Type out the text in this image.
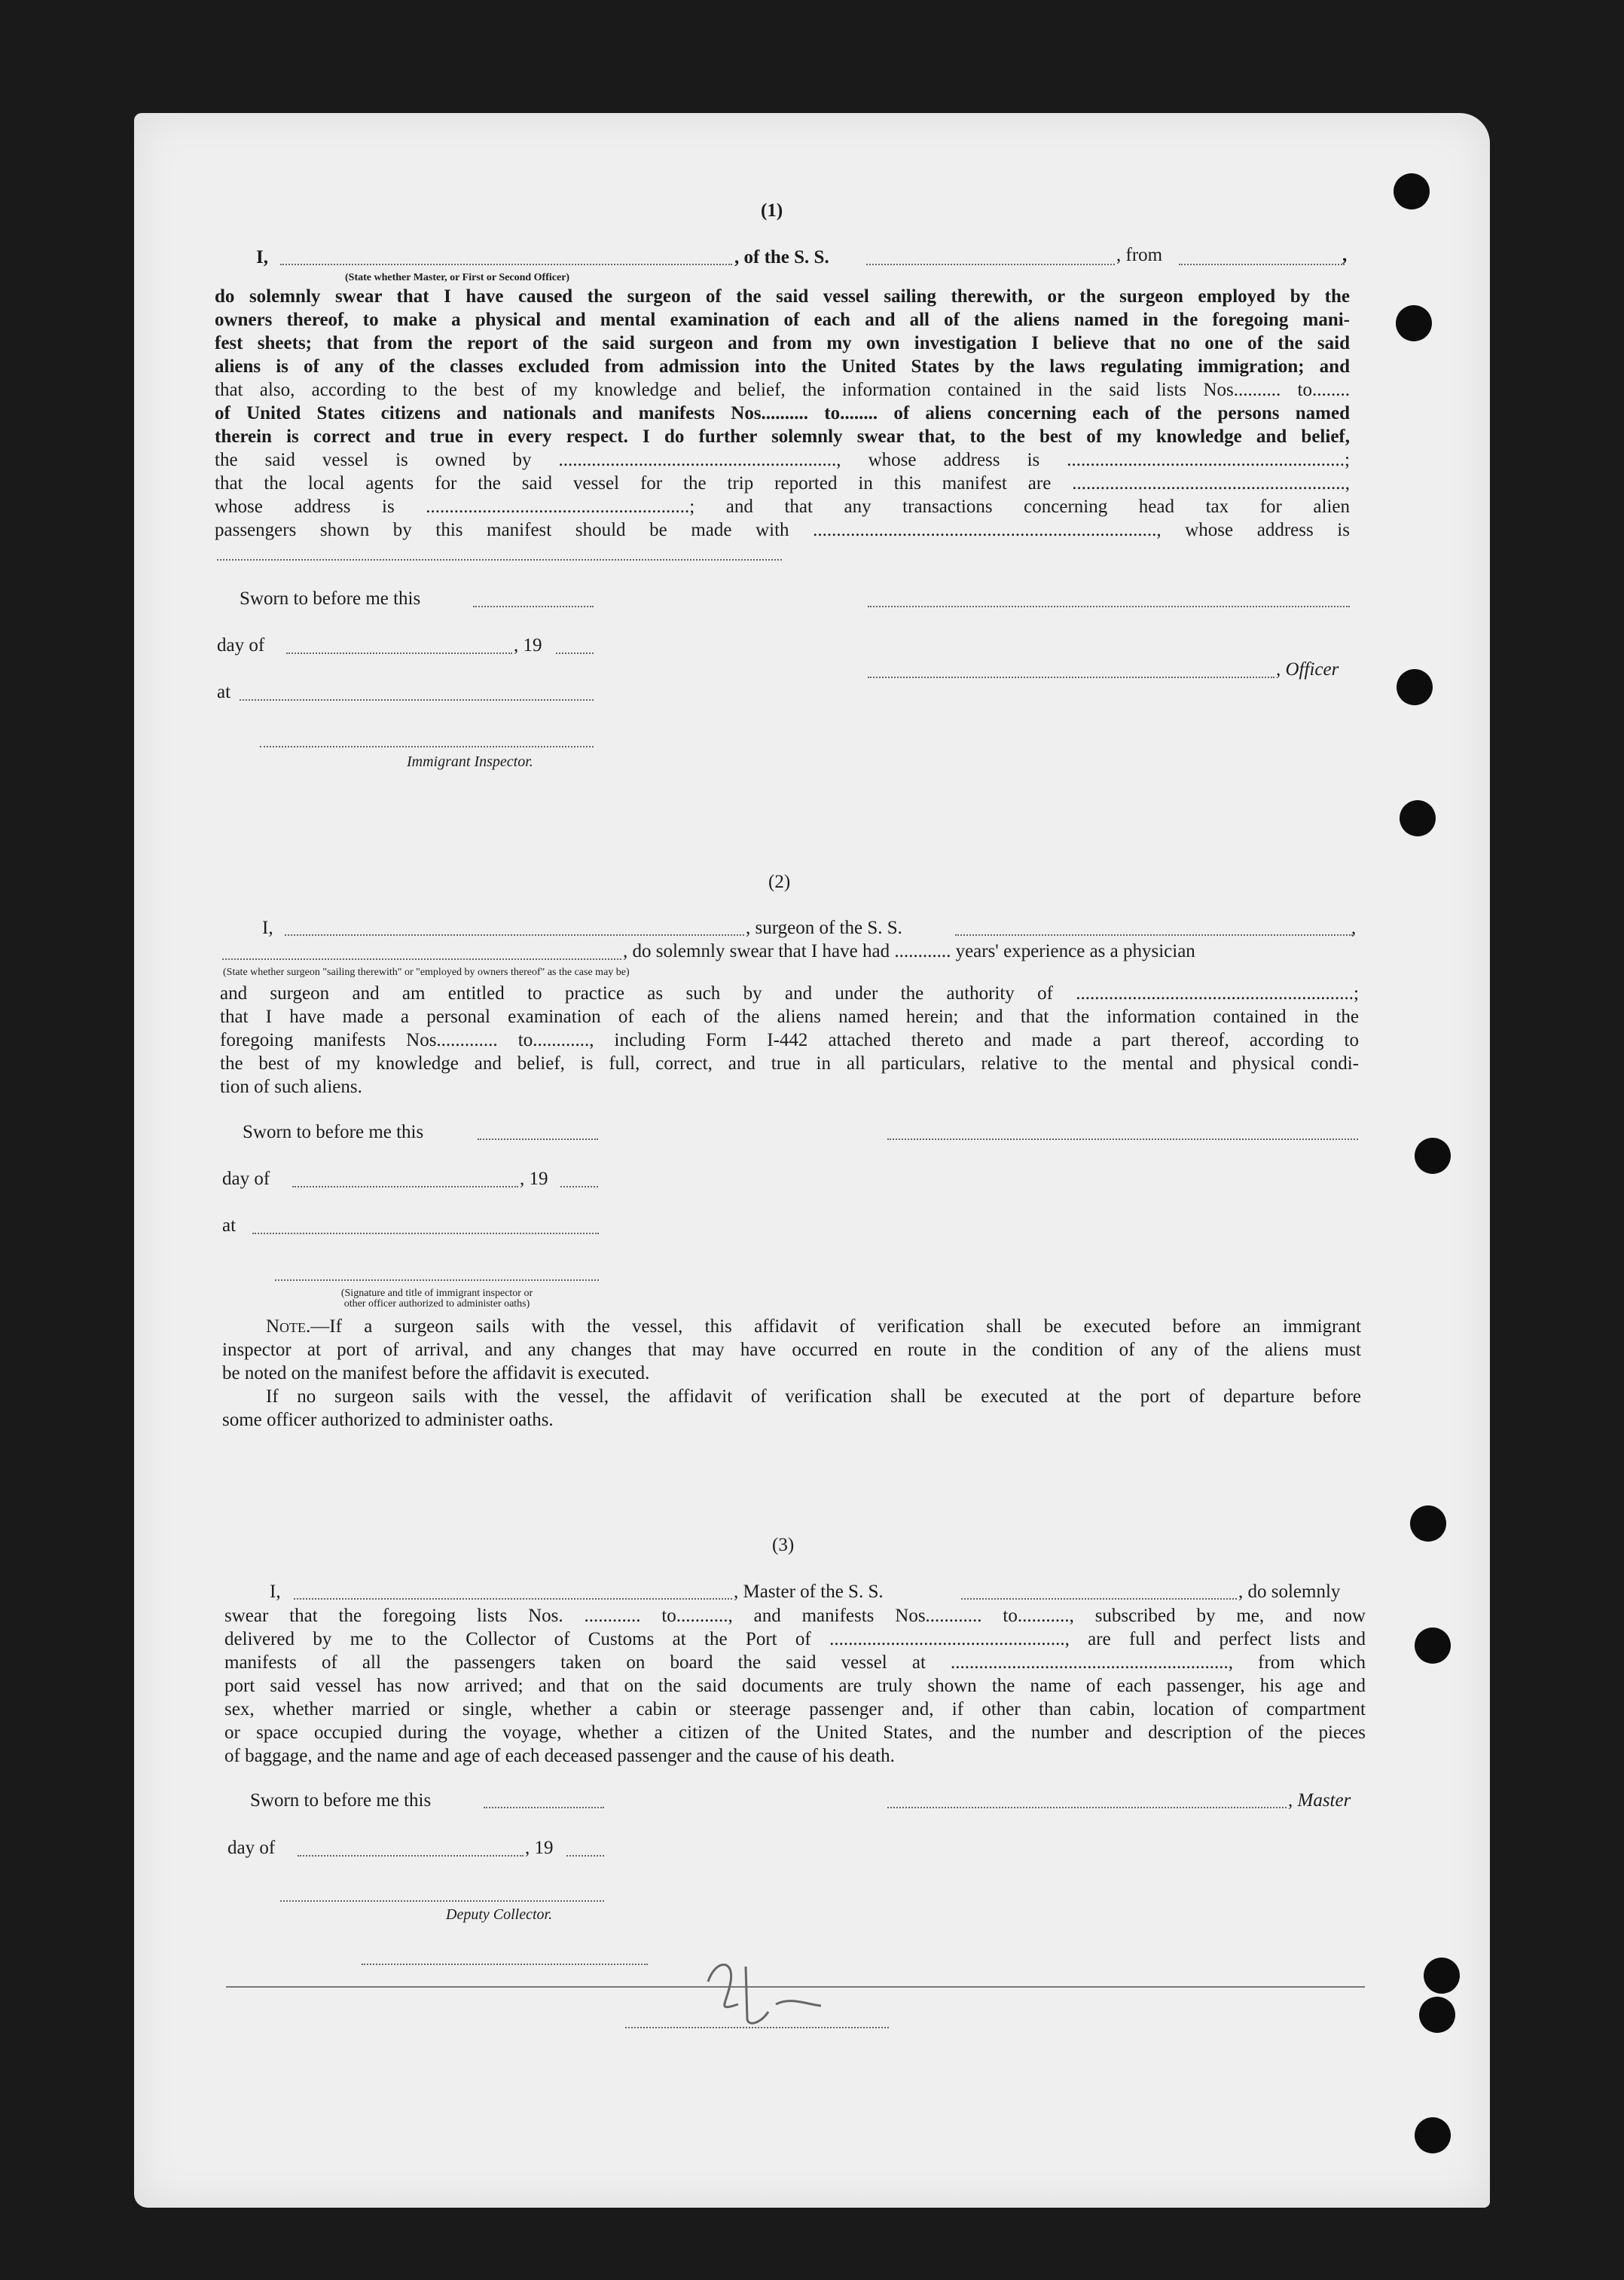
(1)
I,	, of the S. S.	, from	,
(State whether Master, or First or Second Officer)
do solemnly swear that I have caused the surgeon of the said vessel sailing therewith, or the surgeon employed by the
owners thereof, to make a physical and mental examination of each and all of the aliens named in the foregoing mani-
fest sheets; that from the report of the said surgeon and from my own investigation I believe that no one of the said
aliens is of any of the classes excluded from admission into the United States by the laws regulating immigration; and
that also, according to the best of my knowledge and belief, the information contained in the said lists Nos.......... to........
of United States citizens and nationals and manifests Nos.......... to........ of aliens concerning each of the persons named
therein is correct and true in every respect. I do further solemnly swear that, to the best of my knowledge and belief,
the said vessel is owned by ..........................................................., whose address is ...........................................................;
that the local agents for the said vessel for the trip reported in this manifest are ..........................................................,
whose address is ........................................................; and that any transactions concerning head tax for alien
passengers shown by this manifest should be made with ........................................................................., whose address is
Sworn to before me this
day of	, 19
, Officer
at
Immigrant Inspector.
(2)
I,	, surgeon of the S. S.	,
, do solemnly swear that I have had ............ years' experience as a physician
(State whether surgeon "sailing therewith" or "employed by owners thereof" as the case may be)
and surgeon and am entitled to practice as such by and under the authority of ...........................................................;
that I have made a personal examination of each of the aliens named herein; and that the information contained in the
foregoing manifests Nos............. to............, including Form I-442 attached thereto and made a part thereof, according to
the best of my knowledge and belief, is full, correct, and true in all particulars, relative to the mental and physical condi-
tion of such aliens.
Sworn to before me this
day of	, 19
at
(Signature and title of immigrant inspector or
other officer authorized to administer oaths)
Note.—If a surgeon sails with the vessel, this affidavit of verification shall be executed before an immigrant
inspector at port of arrival, and any changes that may have occurred en route in the condition of any of the aliens must
be noted on the manifest before the affidavit is executed.
If no surgeon sails with the vessel, the affidavit of verification shall be executed at the port of departure before
some officer authorized to administer oaths.
(3)
I,	, Master of the S. S.	, do solemnly
swear that the foregoing lists Nos. ............ to..........., and manifests Nos............ to..........., subscribed by me, and now
delivered by me to the Collector of Customs at the Port of .................................................., are full and perfect lists and
manifests of all the passengers taken on board the said vessel at ..........................................................., from which
port said vessel has now arrived; and that on the said documents are truly shown the name of each passenger, his age and
sex, whether married or single, whether a cabin or steerage passenger and, if other than cabin, location of compartment
or space occupied during the voyage, whether a citizen of the United States, and the number and description of the pieces
of baggage, and the name and age of each deceased passenger and the cause of his death.
Sworn to before me this	, Master
day of	, 19
Deputy Collector.
